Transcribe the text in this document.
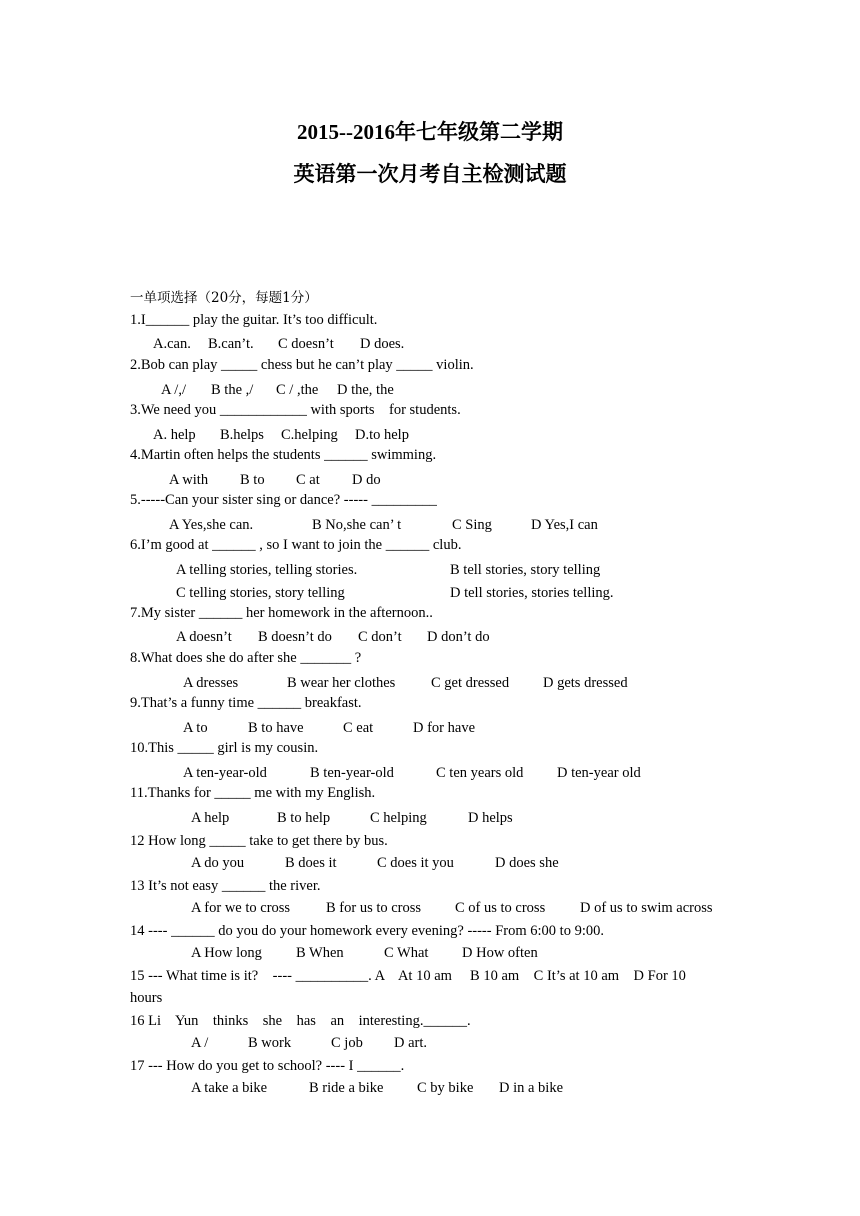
2015--2016年七年级第二学期
英语第一次月考自主检测试题
一单项选择（20分，每题1分）
1.I______ play the guitar. It’s too difficult.
A.can. B.can’t. C doesn’t D does.
2.Bob can play _____ chess but he can’t play _____ violin.
A /,/ B the ,/ C / ,the D the, the
3.We need you ____________ with sports    for students.
A. help B.helps C.helping D.to help
4.Martin often helps the students ______ swimming.
A with B to C at D do
5.-----Can your sister sing or dance? ----- _________
A Yes,she can.	B No,she can’ t	C Sing	D Yes,I can
6.I’m good at ______ , so I want to join the ______ club.
A telling stories, telling stories.	B tell stories, story telling
C telling stories, story telling	D tell stories, stories telling.
7.My sister ______ her homework in the afternoon..
A doesn’t B doesn’t do C don’t D don’t do
8.What does she do after she _______ ?
A dresses	B wear her clothes C get dressed D gets dressed
9.That’s a funny time ______ breakfast.
A to	B to have	C eat	D for have
10.This _____ girl is my cousin.
A ten-year-old	B ten-year-old	C ten years old D ten-year old
11.Thanks for _____ me with my English.
A help	B to help	C helping	D helps
12 How long _____ take to get there by bus.
A do you	B does it	C does it you	D does she
13 It’s not easy ______ the river.
A for we to cross B for us to cross C of us to cross D of us to swim across
14 ---- ______ do you do your homework every evening? ----- From 6:00 to 9:00.
A How long B When	C What D How often
15 --- What time is it?    ---- __________. A    At 10 am     B 10 am    C It’s at 10 am    D For 10
hours
16 Li    Yun    thinks    she    has    an    interesting.______.
A /	B work	C job D art.
17 --- How do you get to school? ---- I ______.
A take a bike	B ride a bike C by bike D in a bike
